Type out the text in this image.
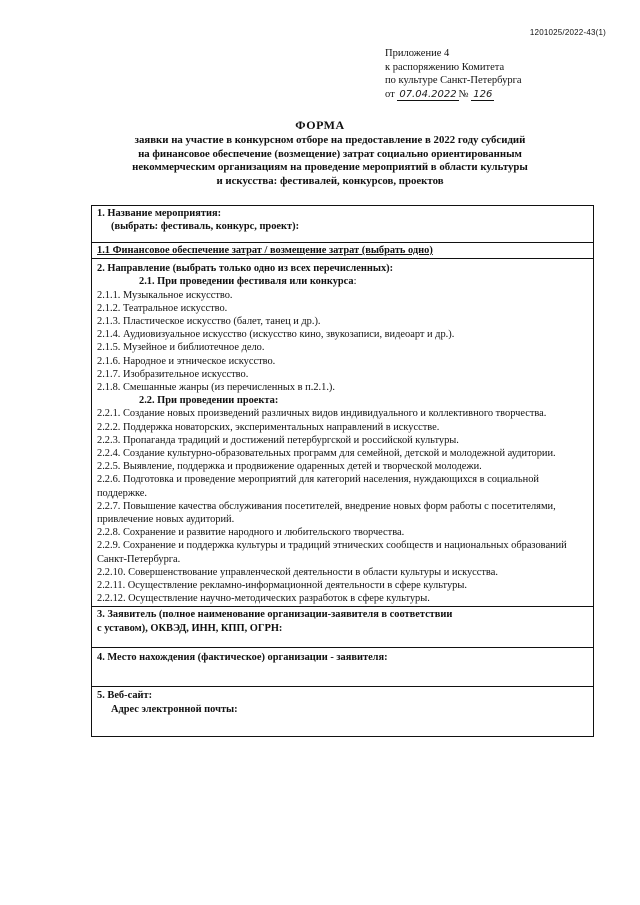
1201025/2022-43(1)
Приложение 4
к распоряжению Комитета
по культуре Санкт-Петербурга
от 07.04.2022 № 126
ФОРМА
заявки на участие в конкурсном отборе на предоставление в 2022 году субсидий
на финансовое обеспечение (возмещение) затрат социально ориентированным
некоммерческим организациям на проведение мероприятий в области культуры
и искусства: фестивалей, конкурсов, проектов
1. Название мероприятия:
(выбрать: фестиваль, конкурс, проект):
1.1 Финансовое обеспечение затрат / возмещение затрат (выбрать одно)
2. Направление (выбрать только одно из всех перечисленных):
2.1. При проведении фестиваля или конкурса:
2.1.1. Музыкальное искусство.
2.1.2. Театральное искусство.
2.1.3. Пластическое искусство (балет, танец и др.).
2.1.4. Аудиовизуальное искусство (искусство кино, звукозаписи, видеоарт и др.).
2.1.5. Музейное и библиотечное дело.
2.1.6. Народное и этническое искусство.
2.1.7. Изобразительное искусство.
2.1.8. Смешанные жанры (из перечисленных в п.2.1.).
2.2. При проведении проекта:
2.2.1. Создание новых произведений различных видов индивидуального и коллективного творчества.
2.2.2. Поддержка новаторских, экспериментальных направлений в искусстве.
2.2.3. Пропаганда традиций и достижений петербургской и российской культуры.
2.2.4. Создание культурно-образовательных программ для семейной, детской и молодежной аудитории.
2.2.5. Выявление, поддержка и продвижение одаренных детей и творческой молодежи.
2.2.6. Подготовка и проведение мероприятий для категорий населения, нуждающихся в социальной поддержке.
2.2.7. Повышение качества обслуживания посетителей, внедрение новых форм работы с посетителями, привлечение новых аудиторий.
2.2.8. Сохранение и развитие народного и любительского творчества.
2.2.9. Сохранение и поддержка культуры и традиций этнических сообществ и национальных образований Санкт-Петербурга.
2.2.10. Совершенствование управленческой деятельности в области культуры и искусства.
2.2.11. Осуществление рекламно-информационной деятельности в сфере культуры.
2.2.12. Осуществление научно-методических разработок в сфере культуры.
3. Заявитель (полное наименование организации-заявителя в соответствии
с уставом), ОКВЭД, ИНН, КПП, ОГРН:
4. Место нахождения (фактическое) организации - заявителя:
5. Веб-сайт:
Адрес электронной почты:
